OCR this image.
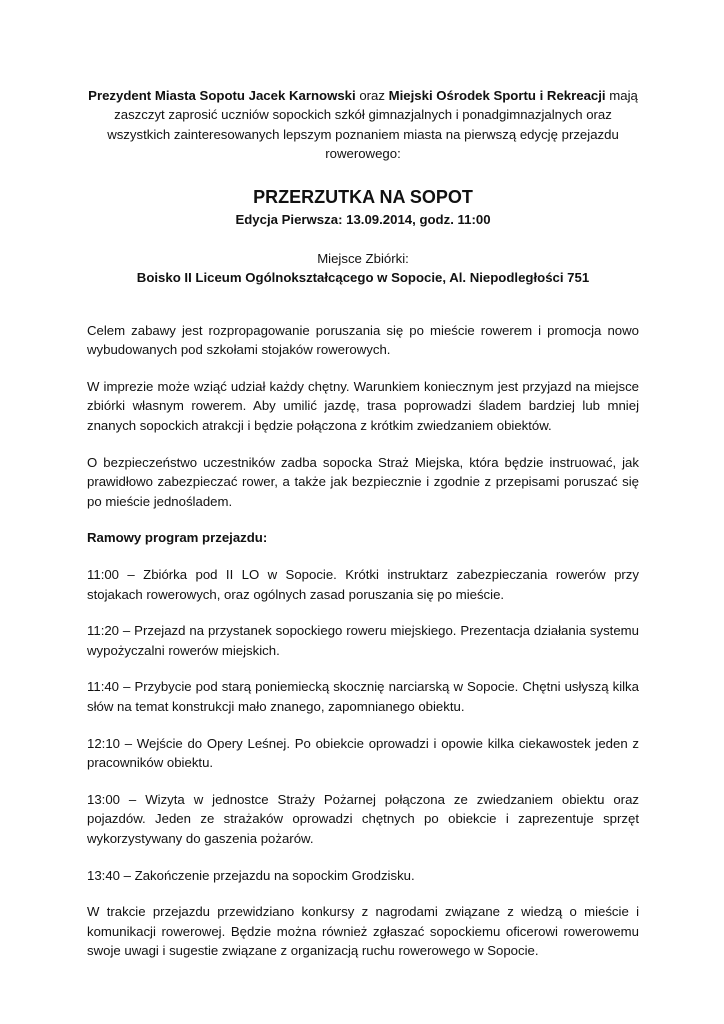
Prezydent Miasta Sopotu Jacek Karnowski oraz Miejski Ośrodek Sportu i Rekreacji mają zaszczyt zaprosić uczniów sopockich szkół gimnazjalnych i ponadgimnazjalnych oraz wszystkich zainteresowanych lepszym poznaniem miasta na pierwszą edycję przejazdu rowerowego:

PRZERZUTKA NA SOPOT

Edycja Pierwsza: 13.09.2014, godz. 11:00

Miejsce Zbiórki:

Boisko II Liceum Ogólnokształcącego w Sopocie, Al. Niepodległości 751

Celem zabawy jest rozpropagowanie poruszania się po mieście rowerem i promocja nowo wybudowanych pod szkołami stojaków rowerowych.

W imprezie może wziąć udział każdy chętny. Warunkiem koniecznym jest przyjazd na miejsce zbiórki własnym rowerem. Aby umilić jazdę, trasa poprowadzi śladem bardziej lub mniej znanych sopockich atrakcji i będzie połączona z krótkim zwiedzaniem obiektów.

O bezpieczeństwo uczestników zadba sopocka Straż Miejska, która będzie instruować, jak prawidłowo zabezpieczać rower, a także jak bezpiecznie i zgodnie z przepisami poruszać się po mieście jednośladem.

Ramowy program przejazdu:

11:00 – Zbiórka pod II LO w Sopocie. Krótki instruktarz zabezpieczania rowerów przy stojakach rowerowych, oraz ogólnych zasad poruszania się po mieście.

11:20 – Przejazd na przystanek sopockiego roweru miejskiego. Prezentacja działania systemu wypożyczalni rowerów miejskich.

11:40 – Przybycie pod starą poniemiecką skocznię narciarską w Sopocie. Chętni usłyszą kilka słów na temat konstrukcji mało znanego, zapomnianego obiektu.

12:10 – Wejście do Opery Leśnej. Po obiekcie oprowadzi i opowie kilka ciekawostek jeden z pracowników obiektu.

13:00 – Wizyta w jednostce Straży Pożarnej połączona ze zwiedzaniem obiektu oraz pojazdów. Jeden ze strażaków oprowadzi chętnych po obiekcie i zaprezentuje sprzęt wykorzystywany do gaszenia pożarów.

13:40 – Zakończenie przejazdu na sopockim Grodzisku.

W trakcie przejazdu przewidziano konkursy z nagrodami związane z wiedzą o mieście i komunikacji rowerowej. Będzie można również zgłaszać sopockiemu oficerowi rowerowemu swoje uwagi i sugestie związane z organizacją ruchu rowerowego w Sopocie.
